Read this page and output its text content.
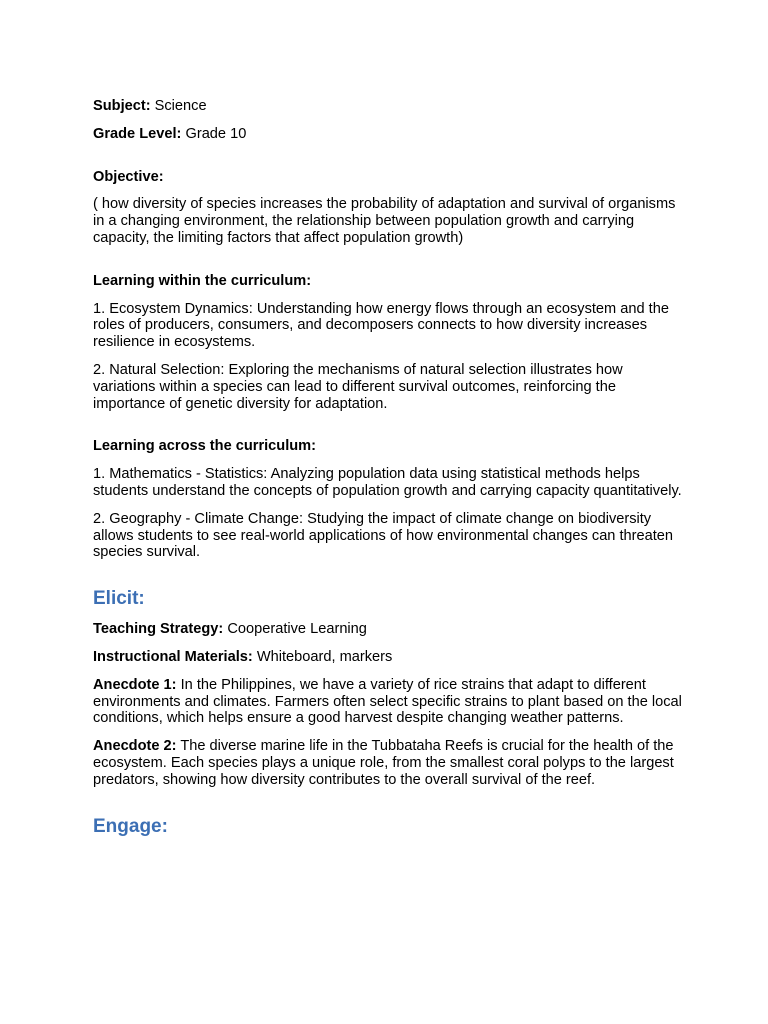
Subject: Science

Grade Level: Grade 10

Objective:

( how diversity of species increases the probability of adaptation and survival of organisms in a changing environment, the relationship between population growth and carrying capacity, the limiting factors that affect population growth)

Learning within the curriculum:

1. Ecosystem Dynamics: Understanding how energy flows through an ecosystem and the roles of producers, consumers, and decomposers connects to how diversity increases resilience in ecosystems.

2. Natural Selection: Exploring the mechanisms of natural selection illustrates how variations within a species can lead to different survival outcomes, reinforcing the importance of genetic diversity for adaptation.

Learning across the curriculum:

1. Mathematics - Statistics: Analyzing population data using statistical methods helps students understand the concepts of population growth and carrying capacity quantitatively.

2. Geography - Climate Change: Studying the impact of climate change on biodiversity allows students to see real-world applications of how environmental changes can threaten species survival.

Elicit:

Teaching Strategy: Cooperative Learning

Instructional Materials: Whiteboard, markers

Anecdote 1: In the Philippines, we have a variety of rice strains that adapt to different environments and climates. Farmers often select specific strains to plant based on the local conditions, which helps ensure a good harvest despite changing weather patterns.

Anecdote 2: The diverse marine life in the Tubbataha Reefs is crucial for the health of the ecosystem. Each species plays a unique role, from the smallest coral polyps to the largest predators, showing how diversity contributes to the overall survival of the reef.

Engage:
